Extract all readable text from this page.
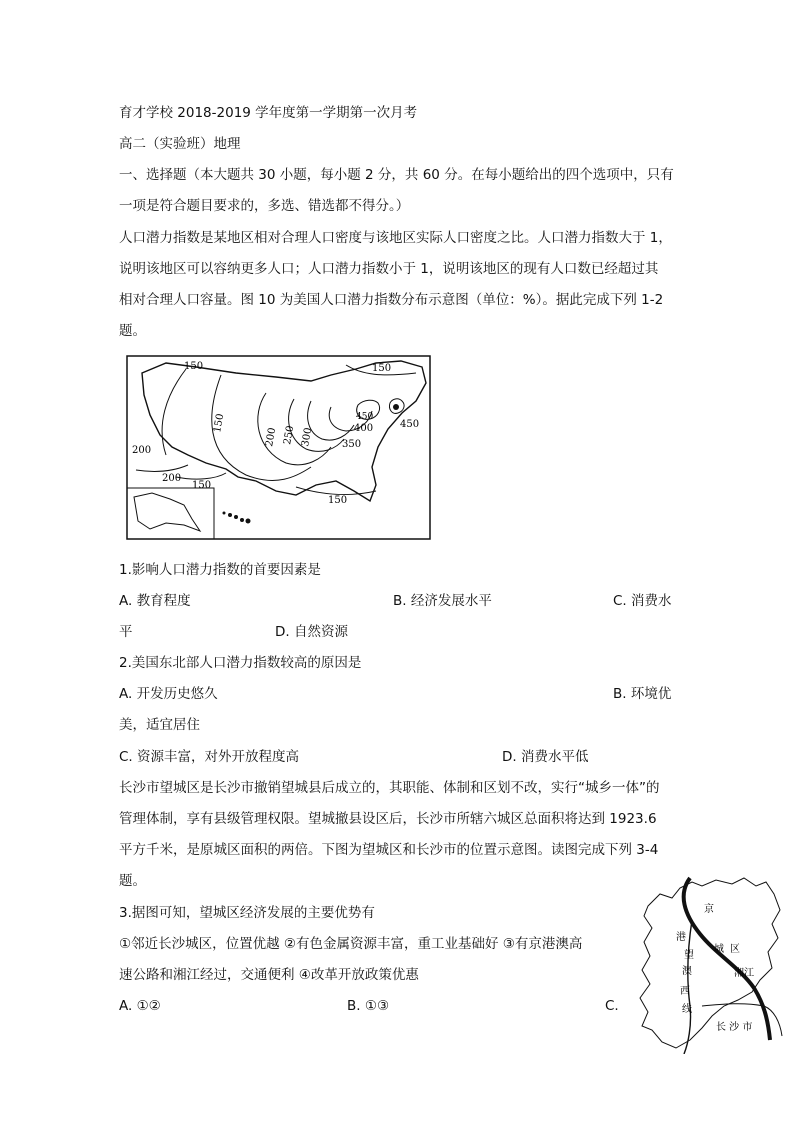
育才学校 2018-2019 学年度第一学期第一次月考
高二（实验班）地理
一、选择题（本大题共 30 小题，每小题 2 分，共 60 分。在每小题给出的四个选项中，只有
一项是符合题目要求的，多选、错选都不得分。）
人口潜力指数是某地区相对合理人口密度与该地区实际人口密度之比。人口潜力指数大于 1，
说明该地区可以容纳更多人口；人口潜力指数小于 1，说明该地区的现有人口数已经超过其
相对合理人口容量。图 10 为美国人口潜力指数分布示意图（单位：%）。据此完成下列 1-2
题。
150	150
150
200 250 300	350
400
450
450
200
200
150
150
1.影响人口潜力指数的首要因素是
A. 教育程度	B. 经济发展水平	C. 消费水
平	D. 自然资源
2.美国东北部人口潜力指数较高的原因是
A. 开发历史悠久	B. 环境优
美，适宜居住
C. 资源丰富，对外开放程度高	D. 消费水平低
长沙市望城区是长沙市撤销望城县后成立的，其职能、体制和区划不改，实行“城乡一体”的
管理体制，享有县级管理权限。望城撤县设区后，长沙市所辖六城区总面积将达到 1923.6
平方千米，是原城区面积的两倍。下图为望城区和长沙市的位置示意图。读图完成下列 3-4
题。
3.据图可知，望城区经济发展的主要优势有
①邻近长沙城区，位置优越 ②有色金属资源丰富，重工业基础好 ③有京港澳高
速公路和湘江经过，交通便利 ④改革开放政策优惠
A. ①②	B. ①③	C.
京
港
城 区
望
澳	湘江
西
线
长 沙 市
